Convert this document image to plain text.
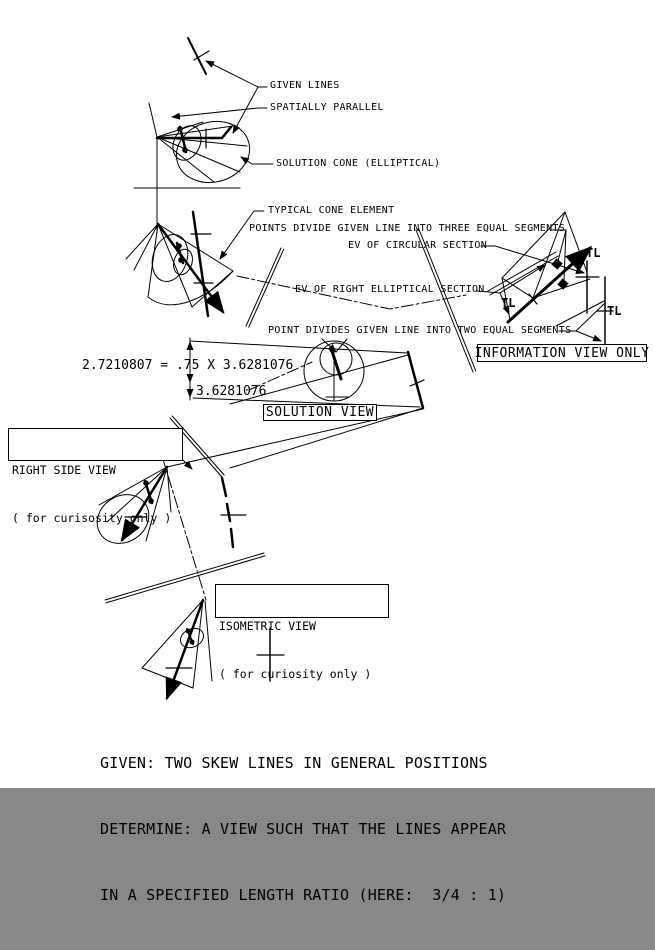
GIVEN LINES
SPATIALLY PARALLEL
SOLUTION CONE (ELLIPTICAL)
TYPICAL CONE ELEMENT
POINTS DIVIDE GIVEN LINE INTO THREE EQUAL SEGMENTS
EV OF CIRCULAR SECTION
EV OF RIGHT ELLIPTICAL SECTION
POINT DIVIDES GIVEN LINE INTO TWO EQUAL SEGMENTS
TL
TL
TL
2.7210807 = .75 X 3.6281076
3.6281076
SOLUTION VIEW
INFORMATION VIEW ONLY

RIGHT SIDE VIEW

( for curisosity only )

ISOMETRIC VIEW

( for curiosity only )

GIVEN: TWO SKEW LINES IN GENERAL POSITIONS

DETERMINE: A VIEW SUCH THAT THE LINES APPEAR

IN A SPECIFIED LENGTH RATIO (HERE:  3/4 : 1)
